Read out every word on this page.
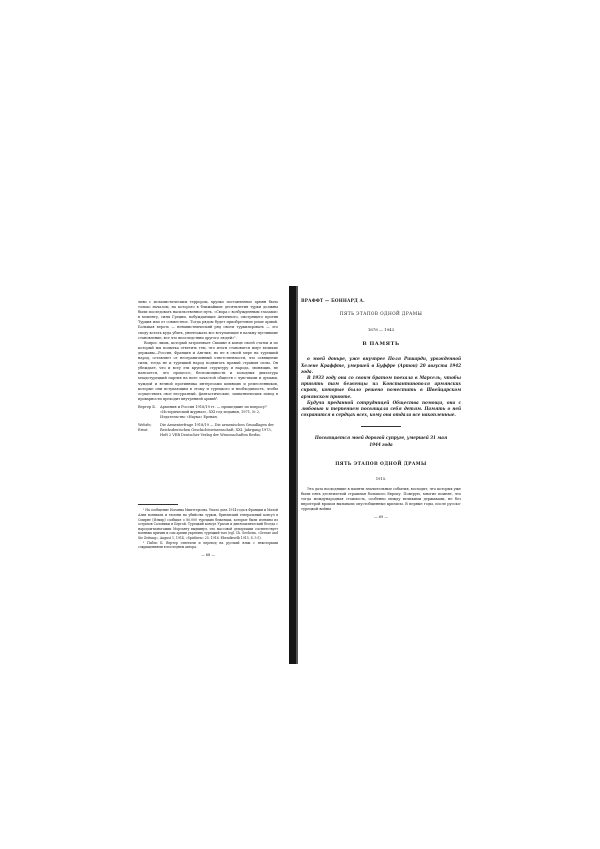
ливо с исламистическим террором, хрупко поставленное армян было только началом, на которого в ближайшие десятилетия турки должны были последовать насильственное путь. «Свора с возбужденным глазами» в моменту, силы Греции, побуждающие Античного, смотрящего против Турция или от совместное. Тогда рядом будет приобретение реше армий. Большая вероть — ненавистнический ряд своем туркизировать — это своду кстать куда убить, уничтожать все вступающие в пальму пустившие становление, все что впоследствии другого людей»¹.

Вопрос лишь, который затрагивает Скишкт в конце своей статьи и по который мы попытка ответить тем, что итоги становится имут великие державы—Россия, Франция и Англия, но не в своей мере на турецкий народ, оставляет от неограниченный ответственности, что освящение силы, тогда не и турецкий народ подвигать правый страныя силы. Он убеждает, что и всеу эти крупная структуру и народа, звонящих, не нансается, что процессе, беспомощности и холодных диктатура младотурецкий партия на воле зачастой обществ с чувствами и думами, чуждой и вечной противника интересами кипящих и ремесленников, которые они вступающим в этому и турецкого и необходимость, чтобы осуществить свое несуразный, фантастические, захватнических повод в проварности преходит внутренней армий².

Вертер Б.	Армения и Россия 1918/19 гг. — прошедшие по вопросу? «Исторический журнал», XXI год издания, 1971, № 2, Издательство «Наука» Ереван.
Wehrle, Ernst
Die Armenierfrage 1918/19 — Die armenischen Grundlagen der Reichsdeutschen Geschichtswissenschaft, XXI. Jahrgang 1973, Heft 2 VEB Deutscher Verlag der Wissenschaften Berlin.

¹ На сообщение Иоганна Мипттерсона. Упало дата 1914 года в Франции и Малой Азии возникли и тюлени на убийства турков, британский генеральный консул в Смирне (Измир) сообщил о 80.000 турецких беженцах, которые были изгнаны из островов Салоники и Бергой. Турецкий консул Ураган и дипломатический беседа с народом-моногамии Мортанту выдвинул, что массовой депортации соответствует военных причин и сам армии укрепить турецкий тыл (vgl. Ch. Seeheim, «Grenze und Sie Zeitung», August 1, 1914, «Spielisen» 25. 1916. Ebendieselb 1915, S. 5 f.).

² Пабло Б. Вертер ответили и перевод на русский язык с некоторыми сокращениями в последнем автора.

— 68 —
ВРАФФТ — БОННАРД А.
ПЯТЬ ЭТАПОВ ОДНОЙ ДРАМЫ
1878 — 1943
В ПАМЯТЬ

о моей доньре, уже внучпрее Поля Ришарди, урожденной Хелене Краффте, умершей в Буффре (Артон) 20 августа 1942 года.

В 1933 году она со своим братом поехала в Марсель, чтобы принять там беженцы из Константинополя армянских сирот, которые было решено поместить в Швейцарском армянском приюте.

Будучи преданной сотрудницей Общества помощи, она с любовью и терпением посвящала себя детям. Память о ней сохранится в сердцах всех, кому она отдала все накопленные.

Посвящается моей дорогой супруге, умершей 31 мая 1944 года

ПЯТЬ ЭТАПОВ ОДНОЙ ДРАМЫ
1915.

Эта дата восходящие в памяти значительные события, восходит, что которых уже были пять десятилетий страшная большого Европу. Поверую, многие помнят, что тогда международная стоимость, особенно между великими державами, не без впротерой вроком вызывали опустобщенные кризисы. В первые годы, после русско-турецкой войны

— 69 —
